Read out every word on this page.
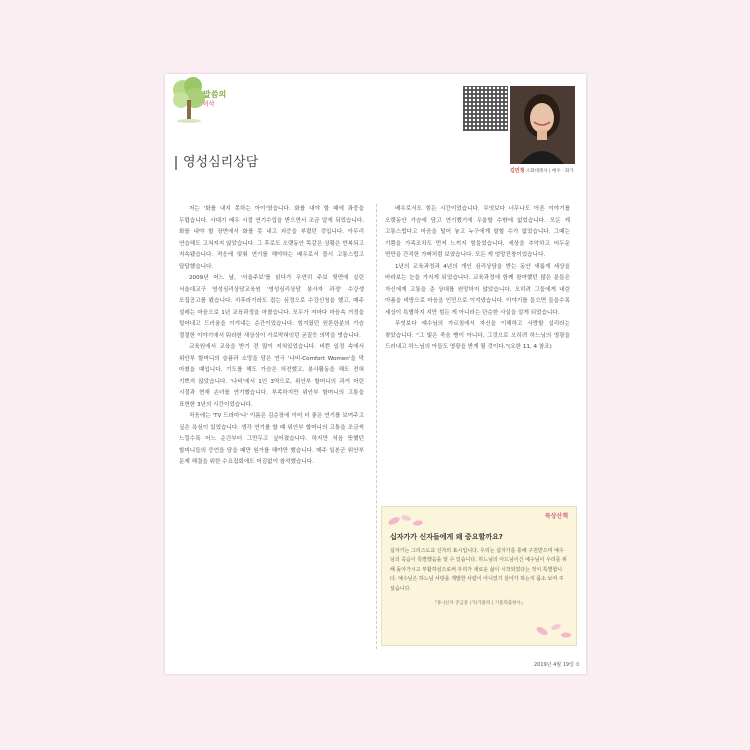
말씀의
이삭
김민정 소화데레사 | 배우 · 화가
영성심리상담

저는 '화를 내지 못하는 아이'였습니다. 화를 내야 할 때에 좌중을 두렵습니다. 사대기 배우 시절 연기수업을 받으면서 조금 알게 되었습니다. 화를 내야 할 장면에서 화를 못 내고 괴증을 부렸던 것입니다. 아무리 연습해도 고쳐지지 않았습니다. 그 후로도 오랫동안 똑같은 상황은 반복되고 지속됐습니다. 적응에 맞춰 연기를 해야하는 배우로서 몹시 고통스럽고 답답했습니다.

2009년 어느 날, '서울주보'를 읽다가 우연히 주보 뒷면에 실린 서울대교구 영성심리상담교육원 '영성심리상담 봉사자 과정' 수강생 모집공고를 봤습니다. 지푸라기라도 잡는 심정으로 수강신청을 했고, 매주 설레는 마음으로 1년 교육과정을 마쳤습니다. 모두가 저마다 마음속 거정을 털어내고 드러움을 이겨내는 순간이었습니다. 힘겨웠던 원론한분의 가슴 절절한 이야기에서 뭐라한 새상상이 가로막혀잇던 굳질듯 의막을 벗습니다.

교육원에서 교육을 받기 전 많이 지쳐있었습니다. 비쁜 일정 속에서 위안부 할머니의 슬픔과 소망을 담은 연극 '나비-Comfort Women'을 막 마쳤을 때입니다. 기도를 해도 가슴은 허전했고, 봉사활동을 해도 전혀 기쁘지 않았습니다. '나비'에서 1인 3역으로, 위안부 할머니의 과거 어린 시절과 현재 손녀를 연기했습니다. 부족하지만 위안부 할머니의 고통을 표현한 3년의 시간이었습니다.

처음에는 'TV 드라마'나' 이름은 김순장에 이어 더 좋은 연기를 보여주고 싶은 욕심이 있었습니다. 생각 연기를 할 때 위안부 할머니의 고통을 조금씩 느낄수록 어느 순간부터 그만두고 싶어졌습니다. 하지만 처음 뜻했던 할머니들의 증언을 담을 때만 원가를 해야만 했습니다. 매주 일본군 위안부 문제 해결을 위한 수요집회에도 어김없이 참석했습니다.

배우로서도 힘든 시간이었습니다. 무엇보다 너무나도 아픈 이야기를 오랫동안 가슴에 담고 연기했기에 우울할 수밖에 없었습니다. 모든 게 고통스럽다고 마음을 털어 놓고 누구에게 말할 수가 없었습니다. 그때는 기쁨을 가족조차도 먼저 느끼지 힘들었습니다. 세상을 추악하고 어두운 면만을 간직한 가짜처럼 보였습니다. 모든 게 엉망진창이었습니다.

1년의 교육과정과 4년의 개인 심리상담을 받는 동안 새롭게 세상을 바라보는 눈을 가지게 되었습니다. 교육과정에 함께 참여했던 많은 분들은 자신에게 고통을 준 상대를 원망하지 않았습니다. 오히려 그들에게 내린 아픔을 비방으로 마음을 인민으로 이겨냈습니다. 이야기를 들으면 들을수록 세상이 특별하지 지만 힘든 게 아니라는 단순한 사실을 알게 되었습니다.

무엇보다 예수님의 가르침에서 자신을 이해하고 사랑할 실리라는 찾았습니다. "그 빛은 죽음 빵이 아니다, 그것으로 오히려 하느님의 영광을 드러내고 하느님의 아들도 영광을 받게 될 것이다."(요한 11, 4 참조)

묵상산책
십자가가 신자들에게 왜 중요할까요?

십자가는 그리스도교 신자의 표시입니다. 우리는 십자가를 통해 구원받으며 예수님의 죽음이 특별했음을 알 수 있습니다. 하느님의 아드님이신 예수님이 우리를 위해 돌아가시고 부활하심으로써 우리가 새로운 삶이 시작되었다는 것이 특별합니다. 예수님은 하느님 사랑을 계발한 사람이 아니었기 살아가 하는지 몸소 보여 주셨습니다.

『휴-]신자 궁금증 (가)가톨릭 | 기톨릭출판사』
2019년 4월 19일 ①
